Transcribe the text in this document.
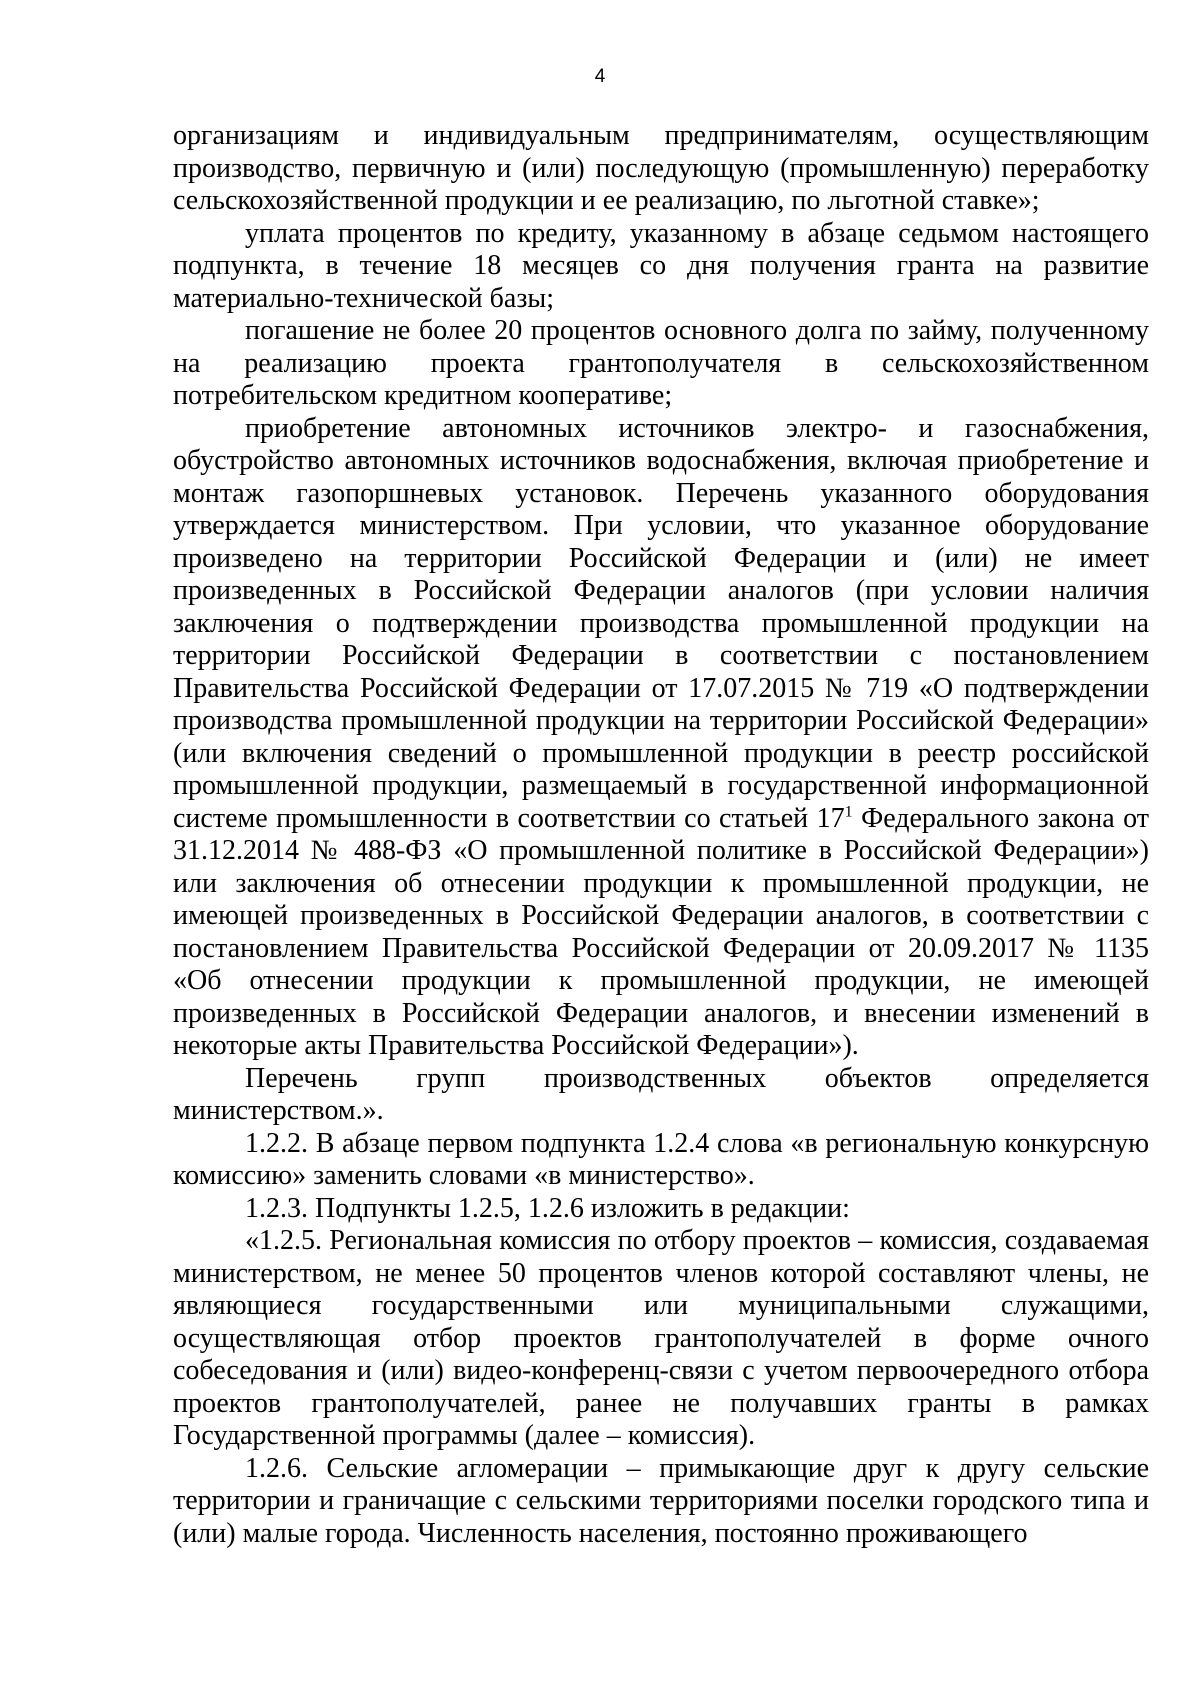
4

организациям и индивидуальным предпринимателям, осуществляющим производство, первичную и (или) последующую (промышленную) переработку сельскохозяйственной продукции и ее реализацию, по льготной ставке»;

уплата процентов по кредиту, указанному в абзаце седьмом настоящего подпункта, в течение 18 месяцев со дня получения гранта на развитие материально-технической базы;

погашение не более 20 процентов основного долга по займу, полученному на реализацию проекта грантополучателя в сельскохозяйственном потребительском кредитном кооперативе;

приобретение автономных источников электро- и газоснабжения, обустройство автономных источников водоснабжения, включая приобретение и монтаж газопоршневых установок. Перечень указанного оборудования утверждается министерством. При условии, что указанное оборудование произведено на территории Российской Федерации и (или) не имеет произведенных в Российской Федерации аналогов (при условии наличия заключения о подтверждении производства промышленной продукции на территории Российской Федерации в соответствии с постановлением Правительства Российской Федерации от 17.07.2015 № 719 «О подтверждении производства промышленной продукции на территории Российской Федерации» (или включения сведений о промышленной продукции в реестр российской промышленной продукции, размещаемый в государственной информационной системе промышленности в соответствии со статьей $17^1$ Федерального закона от 31.12.2014 № 488-ФЗ «О промышленной политике в Российской Федерации») или заключения об отнесении продукции к промышленной продукции, не имеющей произведенных в Российской Федерации аналогов, в соответствии с постановлением Правительства Российской Федерации от 20.09.2017 № 1135 «Об отнесении продукции к промышленной продукции, не имеющей произведенных в Российской Федерации аналогов, и внесении изменений в некоторые акты Правительства Российской Федерации»).

Перечень групп производственных объектов определяется министерством.».

1.2.2. В абзаце первом подпункта 1.2.4 слова «в региональную конкурсную комиссию» заменить словами «в министерство».

1.2.3. Подпункты 1.2.5, 1.2.6 изложить в редакции:

«1.2.5. Региональная комиссия по отбору проектов – комиссия, создаваемая министерством, не менее 50 процентов членов которой составляют члены, не являющиеся государственными или муниципальными служащими, осуществляющая отбор проектов грантополучателей в форме очного собеседования и (или) видео-конференц-связи с учетом первоочередного отбора проектов грантополучателей, ранее не получавших гранты в рамках Государственной программы (далее – комиссия).

1.2.6. Сельские агломерации – примыкающие друг к другу сельские территории и граничащие с сельскими территориями поселки городского типа и (или) малые города. Численность населения, постоянно проживающего
